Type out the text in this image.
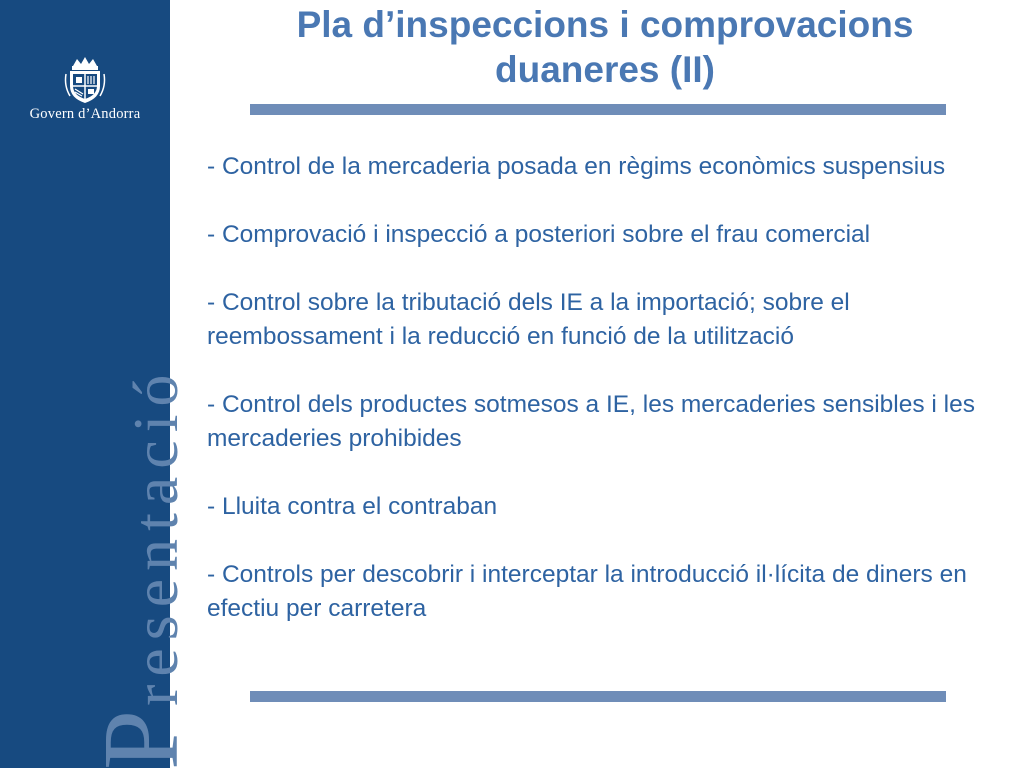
Govern d’Andorra
Presentació
Pla d’inspeccions i comprovacions
duaneres (II)
- Control de la mercaderia posada en règims econòmics suspensius
- Comprovació i inspecció a posteriori sobre el frau comercial
- Control sobre la tributació dels IE a la importació; sobre el reembossament i la reducció en funció de la utilització
- Control dels productes sotmesos a IE, les mercaderies sensibles i les mercaderies prohibides
- Lluita contra el contraban
- Controls per descobrir i interceptar la introducció il·lícita de diners en efectiu per carretera
